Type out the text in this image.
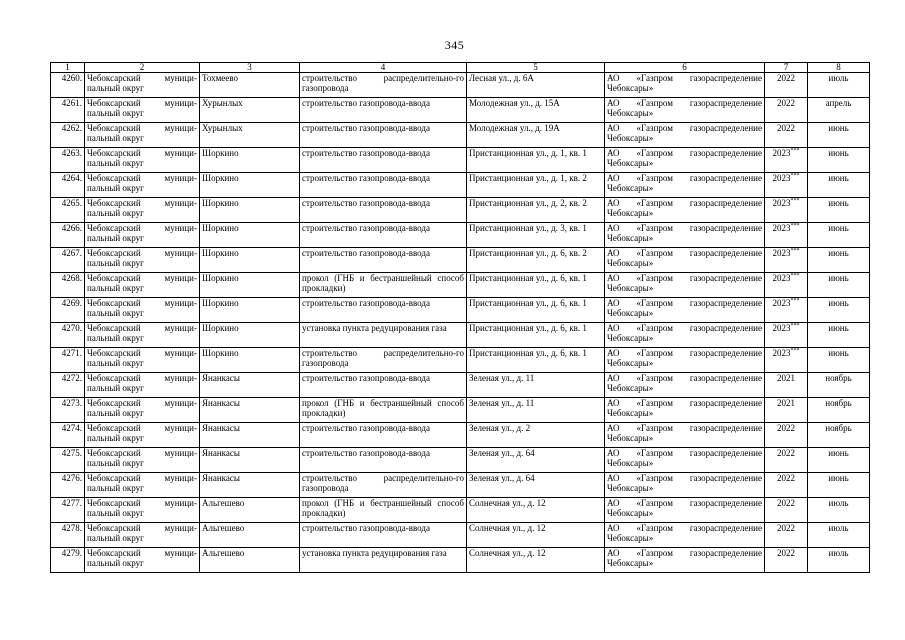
345
1	2	3	4	5	6	7	8
4260.	Чебоксарский муници-пальный округ	Тохмеево	строительство распределительно-го газопровода	Лесная ул., д. 6А	АО «Газпром газораспределение Чебоксары»	2022	июль
4261.	Чебоксарский муници-пальный округ	Хурынлых	строительство газопровода-ввода	Молодежная ул., д. 15А	АО «Газпром газораспределение Чебоксары»	2022	апрель
4262.	Чебоксарский муници-пальный округ	Хурынлых	строительство газопровода-ввода	Молодежная ул., д. 19А	АО «Газпром газораспределение Чебоксары»	2022	июнь
4263.	Чебоксарский муници-пальный округ	Шоркино	строительство газопровода-ввода	Пристанционная ул., д. 1, кв. 1	АО «Газпром газораспределение Чебоксары»	2023***	июнь
4264.	Чебоксарский муници-пальный округ	Шоркино	строительство газопровода-ввода	Пристанционная ул., д. 1, кв. 2	АО «Газпром газораспределение Чебоксары»	2023***	июнь
4265.	Чебоксарский муници-пальный округ	Шоркино	строительство газопровода-ввода	Пристанционная ул., д. 2, кв. 2	АО «Газпром газораспределение Чебоксары»	2023***	июнь
4266.	Чебоксарский муници-пальный округ	Шоркино	строительство газопровода-ввода	Пристанционная ул., д. 3, кв. 1	АО «Газпром газораспределение Чебоксары»	2023***	июнь
4267.	Чебоксарский муници-пальный округ	Шоркино	строительство газопровода-ввода	Пристанционная ул., д. 6, кв. 2	АО «Газпром газораспределение Чебоксары»	2023***	июнь
4268.	Чебоксарский муници-пальный округ	Шоркино	прокол (ГНБ и бестраншейный способ прокладки)	Пристанционная ул., д. 6, кв. 1	АО «Газпром газораспределение Чебоксары»	2023***	июнь
4269.	Чебоксарский муници-пальный округ	Шоркино	строительство газопровода-ввода	Пристанционная ул., д. 6, кв. 1	АО «Газпром газораспределение Чебоксары»	2023***	июнь
4270.	Чебоксарский муници-пальный округ	Шоркино	установка пункта редуцирования газа	Пристанционная ул., д. 6, кв. 1	АО «Газпром газораспределение Чебоксары»	2023***	июнь
4271.	Чебоксарский муници-пальный округ	Шоркино	строительство распределительно-го газопровода	Пристанционная ул., д. 6, кв. 1	АО «Газпром газораспределение Чебоксары»	2023***	июнь
4272.	Чебоксарский муници-пальный округ	Янанкасы	строительство газопровода-ввода	Зеленая ул., д. 11	АО «Газпром газораспределение Чебоксары»	2021	ноябрь
4273.	Чебоксарский муници-пальный округ	Янанкасы	прокол (ГНБ и бестраншейный способ прокладки)	Зеленая ул., д. 11	АО «Газпром газораспределение Чебоксары»	2021	ноябрь
4274.	Чебоксарский муници-пальный округ	Янанкасы	строительство газопровода-ввода	Зеленая ул., д. 2	АО «Газпром газораспределение Чебоксары»	2022	ноябрь
4275.	Чебоксарский муници-пальный округ	Янанкасы	строительство газопровода-ввода	Зеленая ул., д. 64	АО «Газпром газораспределение Чебоксары»	2022	июнь
4276.	Чебоксарский муници-пальный округ	Янанкасы	строительство распределительно-го газопровода	Зеленая ул., д. 64	АО «Газпром газораспределение Чебоксары»	2022	июнь
4277.	Чебоксарский муници-пальный округ	Альгешево	прокол (ГНБ и бестраншейный способ прокладки)	Солнечная ул., д. 12	АО «Газпром газораспределение Чебоксары»	2022	июль
4278.	Чебоксарский муници-пальный округ	Альгешево	строительство газопровода-ввода	Солнечная ул., д. 12	АО «Газпром газораспределение Чебоксары»	2022	июль
4279.	Чебоксарский муници-пальный округ	Альгешево	установка пункта редуцирования газа	Солнечная ул., д. 12	АО «Газпром газораспределение Чебоксары»	2022	июль
